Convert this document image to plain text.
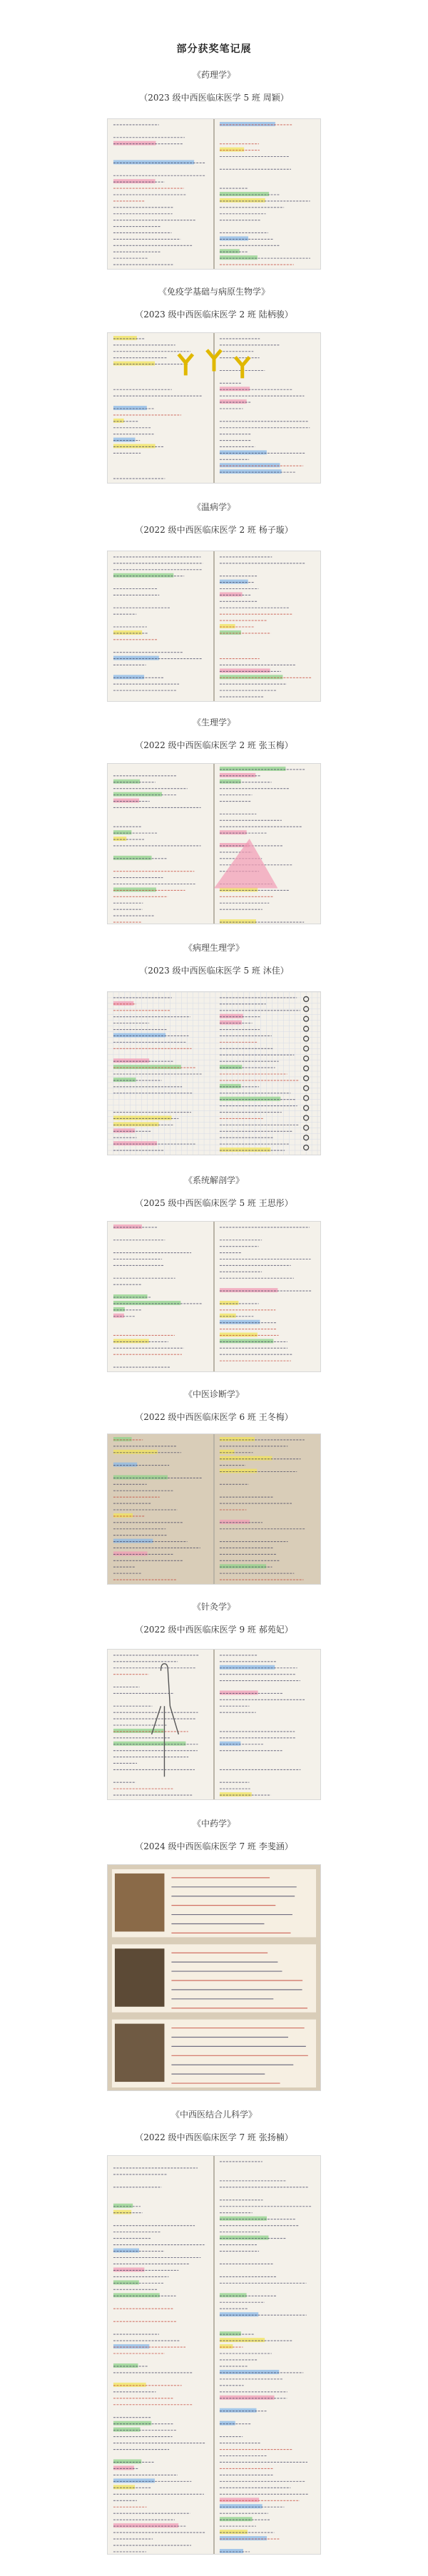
部分获奖笔记展
《药理学》
（2023 级中西医临床医学 5 班 周颖）
《免疫学基础与病原生物学》
（2023 级中西医临床医学 2 班 陆柄骏）
《温病学》
（2022 级中西医临床医学 2 班 杨子璇）
《生理学》
（2022 级中西医临床医学 2 班 张玉梅）
《病理生理学》
（2023 级中西医临床医学 5 班 沐佳）
《系统解剖学》
（2025 级中西医临床医学 5 班 王思彤）
《中医诊断学》
（2022 级中西医临床医学 6 班 王冬梅）
《针灸学》
（2022 级中西医临床医学 9 班 郝苑妃）
《中药学》
（2024 级中西医临床医学 7 班 李斐涵）
《中西医结合儿科学》
（2022 级中西医临床医学 7 班 张扬楠）
